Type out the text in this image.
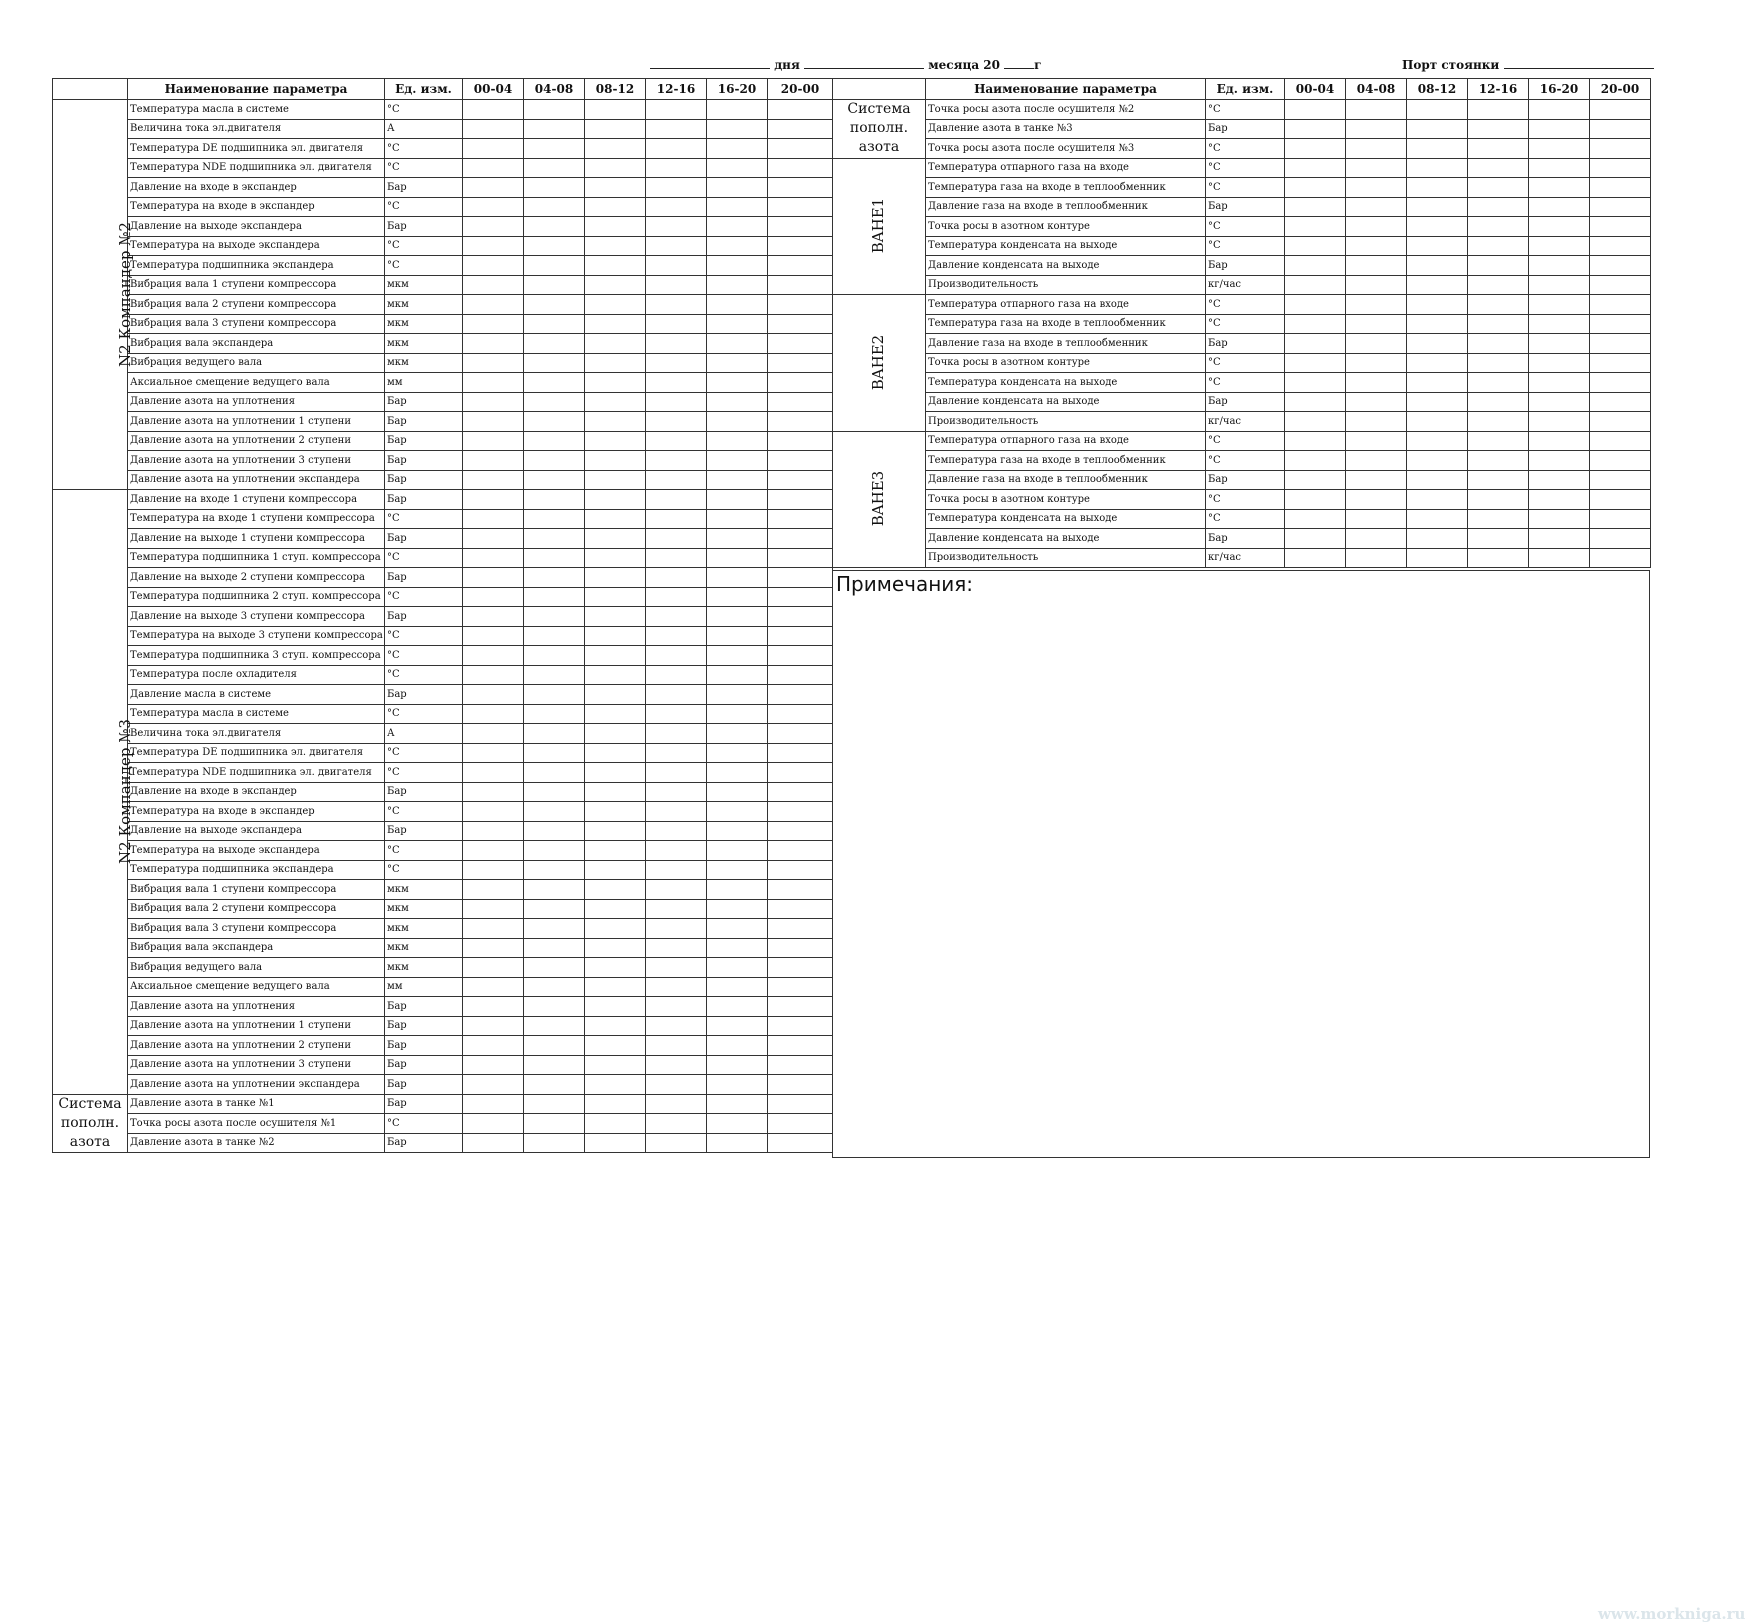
дня	месяца 20	г	Порт стоянки
	Наименование параметра	Ед. изм.	00-04	04-08	08-12	12-16	16-20	20-00
N2 Компандер №2	Температура масла в системе	°C						
	Величина тока эл.двигателя	А						
	Температура DE подшипника эл. двигателя	°C						
	Температура NDE подшипника эл. двигателя	°C						
	Давление на входе в экспандер	Бар						
	Температура на входе в экспандер	°C						
	Давление на выходе экспандера	Бар						
	Температура на выходе экспандера	°C						
	Температура подшипника экспандера	°C						
	Вибрация вала 1 ступени компрессора	мкм						
	Вибрация вала 2 ступени компрессора	мкм						
	Вибрация вала 3 ступени компрессора	мкм						
	Вибрация вала экспандера	мкм						
	Вибрация ведущего вала	мкм						
	Аксиальное смещение ведущего вала	мм						
	Давление азота на уплотнения	Бар						
	Давление азота на уплотнении 1 ступени	Бар						
	Давление азота на уплотнении 2 ступени	Бар						
	Давление азота на уплотнении 3 ступени	Бар						
	Давление азота на уплотнении экспандера	Бар						
N2 Компандер №3	Давление на входе 1 ступени компрессора	Бар						
	Температура на входе 1 ступени компрессора	°C						
	Давление на выходе 1 ступени компрессора	Бар						
	Температура подшипника 1 ступ. компрессора	°C						
	Давление на выходе 2 ступени компрессора	Бар						
	Температура подшипника 2 ступ. компрессора	°C						
	Давление на выходе 3 ступени компрессора	Бар						
	Температура на выходе 3 ступени компрессора	°C						
	Температура подшипника 3 ступ. компрессора	°C						
	Температура после охладителя	°C						
	Давление масла в системе	Бар						
	Температура масла в системе	°C						
	Величина тока эл.двигателя	А						
	Температура DE подшипника эл. двигателя	°C						
	Температура NDE подшипника эл. двигателя	°C						
	Давление на входе в экспандер	Бар						
	Температура на входе в экспандер	°C						
	Давление на выходе экспандера	Бар						
	Температура на выходе экспандера	°C						
	Температура подшипника экспандера	°C						
	Вибрация вала 1 ступени компрессора	мкм						
	Вибрация вала 2 ступени компрессора	мкм						
	Вибрация вала 3 ступени компрессора	мкм						
	Вибрация вала экспандера	мкм						
	Вибрация ведущего вала	мкм						
	Аксиальное смещение ведущего вала	мм						
	Давление азота на уплотнения	Бар						
	Давление азота на уплотнении 1 ступени	Бар						
	Давление азота на уплотнении 2 ступени	Бар						
	Давление азота на уплотнении 3 ступени	Бар						
	Давление азота на уплотнении экспандера	Бар						
Система пополн. азота	Давление азота в танке №1	Бар						
	Точка росы азота после осушителя №1	°C						
	Давление азота в танке №2	Бар						
	Наименование параметра	Ед. изм.	00-04	04-08	08-12	12-16	16-20	20-00
Система пополн. азота	Точка росы азота после осушителя №2	°C						
	Давление азота в танке №3	Бар						
	Точка росы азота после осушителя №3	°C						
BAHE1	Температура отпарного газа на входе	°C						
	Температура газа на входе в теплообменник	°C						
	Давление газа на входе в теплообменник	Бар						
	Точка росы в азотном контуре	°C						
	Температура конденсата на выходе	°C						
	Давление конденсата на выходе	Бар						
	Производительность	кг/час						
BAHE2	Температура отпарного газа на входе	°C						
	Температура газа на входе в теплообменник	°C						
	Давление газа на входе в теплообменник	Бар						
	Точка росы в азотном контуре	°C						
	Температура конденсата на выходе	°C						
	Давление конденсата на выходе	Бар						
	Производительность	кг/час						
BAHE3	Температура отпарного газа на входе	°C						
	Температура газа на входе в теплообменник	°C						
	Давление газа на входе в теплообменник	Бар						
	Точка росы в азотном контуре	°C						
	Температура конденсата на выходе	°C						
	Давление конденсата на выходе	Бар						
	Производительность	кг/час						
Примечания:
www.morkniga.ru
